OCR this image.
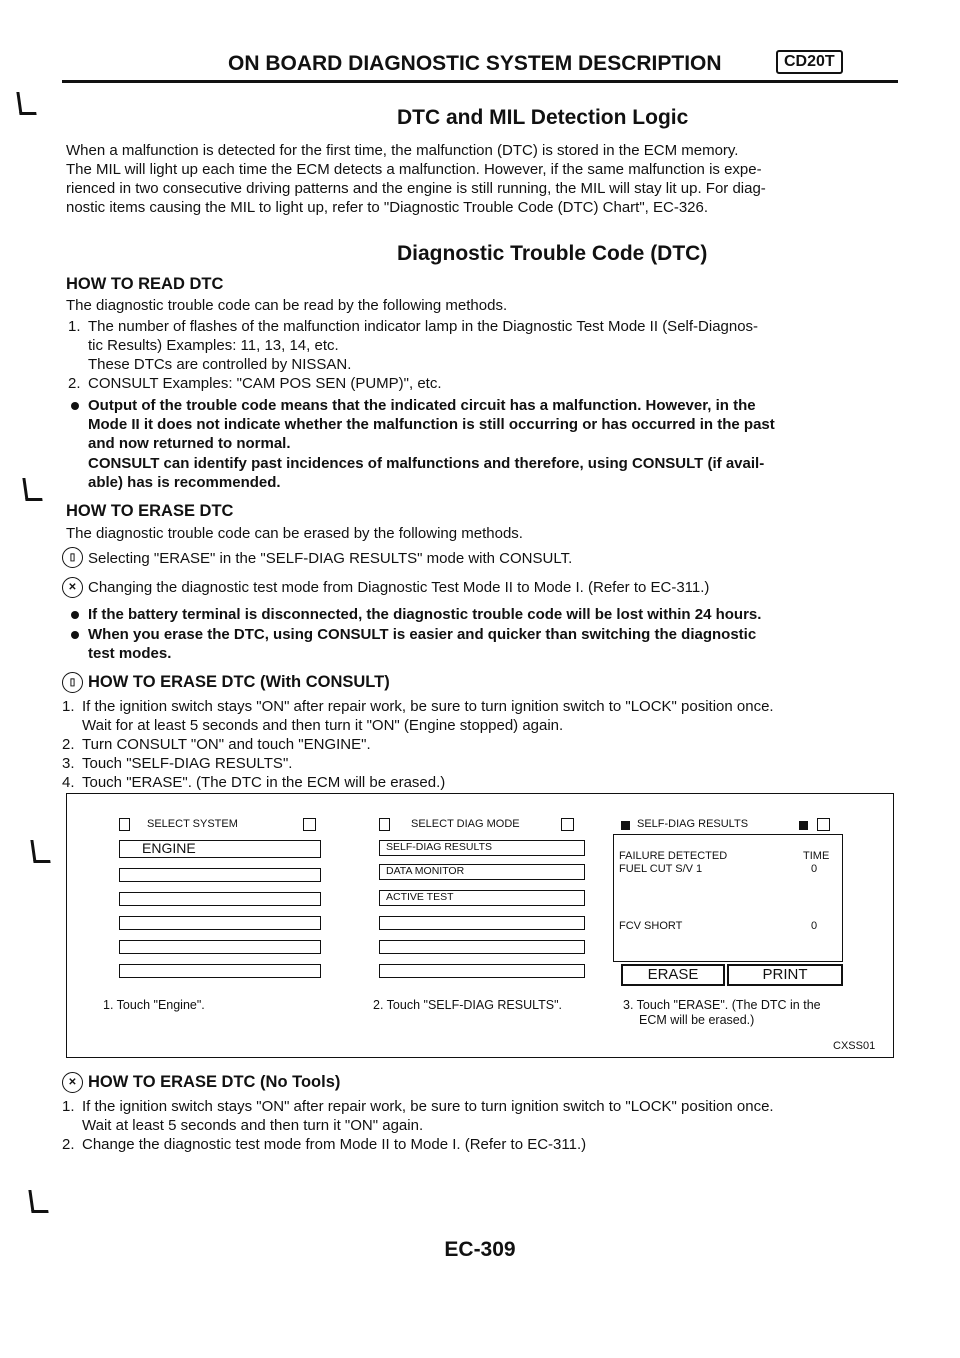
ON BOARD DIAGNOSTIC SYSTEM DESCRIPTION	CD20T
DTC and MIL Detection Logic
When a malfunction is detected for the first time, the malfunction (DTC) is stored in the ECM memory.
The MIL will light up each time the ECM detects a malfunction. However, if the same malfunction is expe-
rienced in two consecutive driving patterns and the engine is still running, the MIL will stay lit up. For diag-
nostic items causing the MIL to light up, refer to "Diagnostic Trouble Code (DTC) Chart", EC-326.
Diagnostic Trouble Code (DTC)
HOW TO READ DTC
The diagnostic trouble code can be read by the following methods.
1. The number of flashes of the malfunction indicator lamp in the Diagnostic Test Mode II (Self-Diagnos-
tic Results) Examples: 11, 13, 14, etc.
These DTCs are controlled by NISSAN.
2. CONSULT Examples: "CAM POS SEN (PUMP)", etc.
Output of the trouble code means that the indicated circuit has a malfunction. However, in the
Mode II it does not indicate whether the malfunction is still occurring or has occurred in the past
and now returned to normal.
CONSULT can identify past incidences of malfunctions and therefore, using CONSULT (if avail-
able) has is recommended.
HOW TO ERASE DTC
The diagnostic trouble code can be erased by the following methods.
▯ Selecting "ERASE" in the "SELF-DIAG RESULTS" mode with CONSULT.
✕ Changing the diagnostic test mode from Diagnostic Test Mode II to Mode I. (Refer to EC-311.)
If the battery terminal is disconnected, the diagnostic trouble code will be lost within 24 hours.
When you erase the DTC, using CONSULT is easier and quicker than switching the diagnostic
test modes.
▯ HOW TO ERASE DTC (With CONSULT)
1. If the ignition switch stays "ON" after repair work, be sure to turn ignition switch to "LOCK" position once.
Wait for at least 5 seconds and then turn it "ON" (Engine stopped) again.
2. Turn CONSULT "ON" and touch "ENGINE".
3. Touch "SELF-DIAG RESULTS".
4. Touch "ERASE". (The DTC in the ECM will be erased.)
SELECT SYSTEM
ENGINE
1. Touch "Engine".
SELECT DIAG MODE
SELF-DIAG RESULTS
DATA MONITOR
ACTIVE TEST
2. Touch "SELF-DIAG RESULTS".
SELF-DIAG RESULTS
FAILURE DETECTED	TIME
FUEL CUT S/V 1	0
FCV SHORT	0
ERASE	PRINT
3. Touch "ERASE". (The DTC in the
ECM will be erased.)
CXSS01
✕ HOW TO ERASE DTC (No Tools)
1. If the ignition switch stays "ON" after repair work, be sure to turn ignition switch to "LOCK" position once.
Wait at least 5 seconds and then turn it "ON" again.
2. Change the diagnostic test mode from Mode II to Mode I. (Refer to EC-311.)
EC-309
